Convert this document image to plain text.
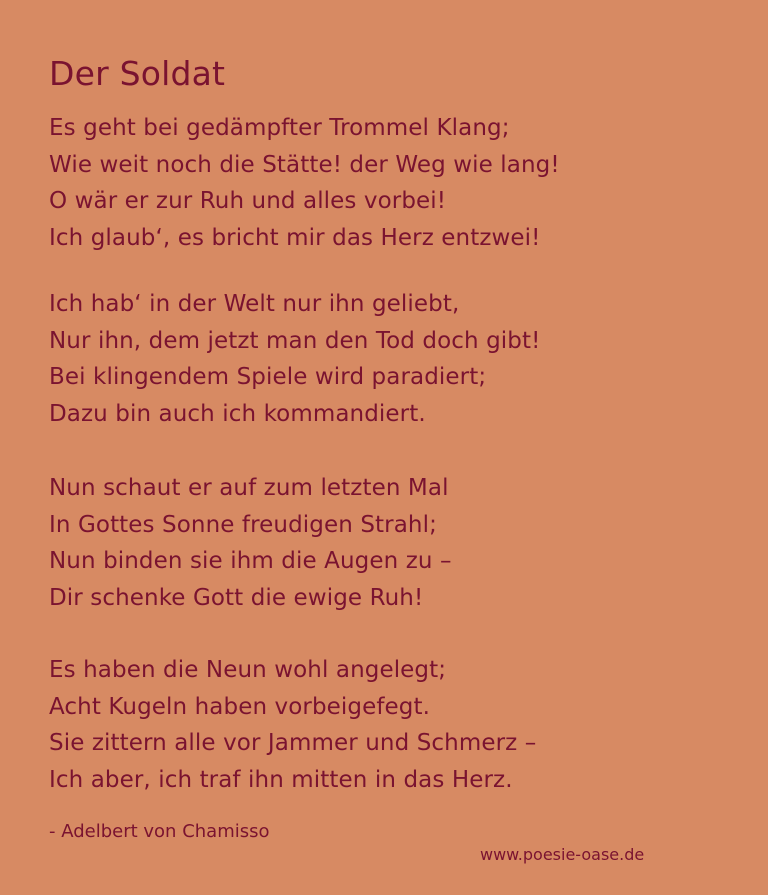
Der Soldat
Es geht bei gedämpfter Trommel Klang;
Wie weit noch die Stätte! der Weg wie lang!
O wär er zur Ruh und alles vorbei!
Ich glaub‘, es bricht mir das Herz entzwei!
Ich hab‘ in der Welt nur ihn geliebt,
Nur ihn, dem jetzt man den Tod doch gibt!
Bei klingendem Spiele wird paradiert;
Dazu bin auch ich kommandiert.
Nun schaut er auf zum letzten Mal
In Gottes Sonne freudigen Strahl;
Nun binden sie ihm die Augen zu –
Dir schenke Gott die ewige Ruh!
Es haben die Neun wohl angelegt;
Acht Kugeln haben vorbeigefegt.
Sie zittern alle vor Jammer und Schmerz –
Ich aber, ich traf ihn mitten in das Herz.

- Adelbert von Chamisso

www.poesie-oase.de
